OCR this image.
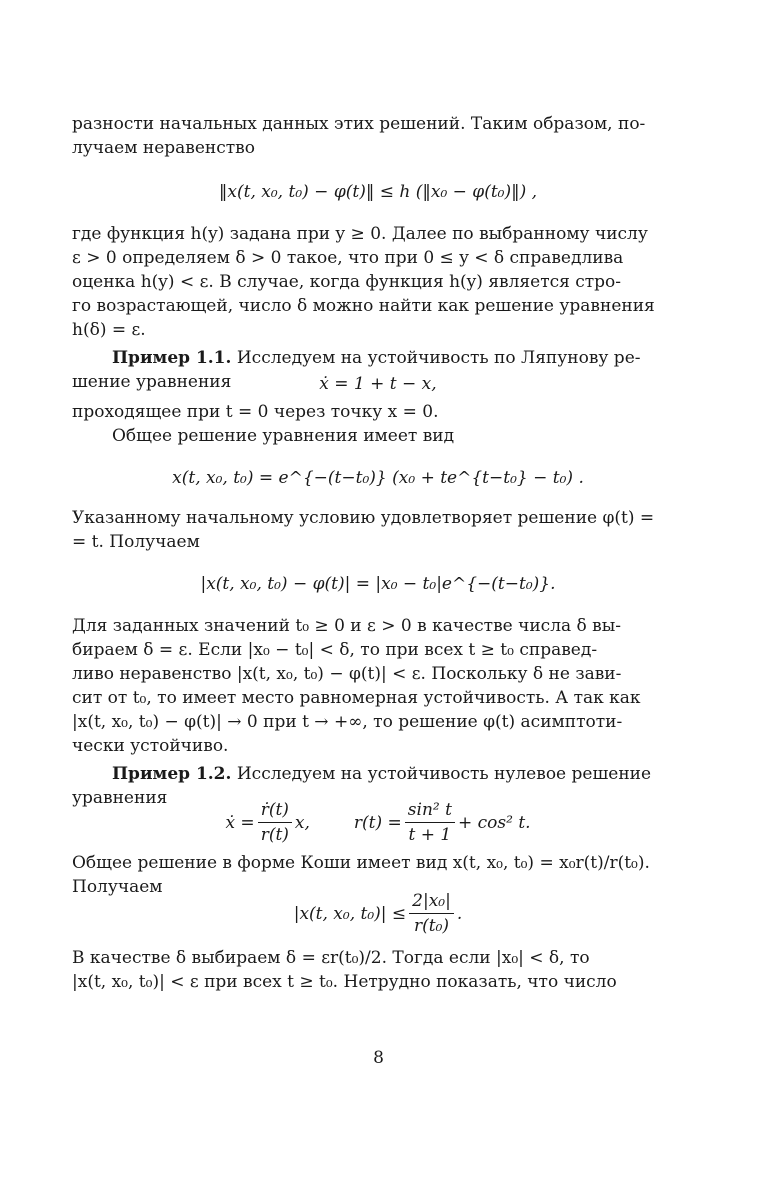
разности начальных данных этих решений. Таким образом, по-
лучаем неравенство
‖x(t, x₀, t₀) − φ(t)‖ ≤ h (‖x₀ − φ(t₀)‖) ,
где функция h(y) задана при y ≥ 0. Далее по выбранному числу
ε > 0 определяем δ > 0 такое, что при 0 ≤ y < δ справедлива
оценка h(y) < ε. В случае, когда функция h(y) является стро-
го возрастающей, число δ можно найти как решение уравнения
h(δ) = ε.
Пример 1.1.
Исследуем на устойчивость по Ляпунову ре-
шение уравнения	ẋ = 1 + t − x,
проходящее при t = 0 через точку x = 0.
Общее решение уравнения имеет вид
x(t, x₀, t₀) = e^{−(t−t₀)} (x₀ + te^{t−t₀} − t₀) .
Указанному начальному условию удовлетворяет решение φ(t) =
= t. Получаем
|x(t, x₀, t₀) − φ(t)| = |x₀ − t₀|e^{−(t−t₀)}.
Для заданных значений t₀ ≥ 0 и ε > 0 в качестве числа δ вы-
бираем δ = ε. Если |x₀ − t₀| < δ, то при всех t ≥ t₀ справед-
ливо неравенство |x(t, x₀, t₀) − φ(t)| < ε. Поскольку δ не зави-
сит от t₀, то имеет место равномерная устойчивость. А так как
|x(t, x₀, t₀) − φ(t)| → 0 при t → +∞, то решение φ(t) асимптоти-
чески устойчиво.
Пример 1.2.
Исследуем на устойчивость нулевое решение
уравнения
ẋ = $\frac{\text{ṙ(t)}}{r(t)} x$,	$r(t) = \frac{\text{sin² t}}{t + 1} + \cos^2$ t.
Общее решение в форме Коши имеет вид x(t, x₀, t₀) = x₀r(t)/r(t₀).
Получаем
|x(t, x₀, $t_0)| \le \frac{\text{2|x₀|}}{\text{r(t₀)}}$ .
В качестве δ выбираем δ = εr(t₀)/2. Тогда если |x₀| < δ, то
|x(t, x₀, t₀)| < ε при всех t ≥ t₀. Нетрудно показать, что число
8
